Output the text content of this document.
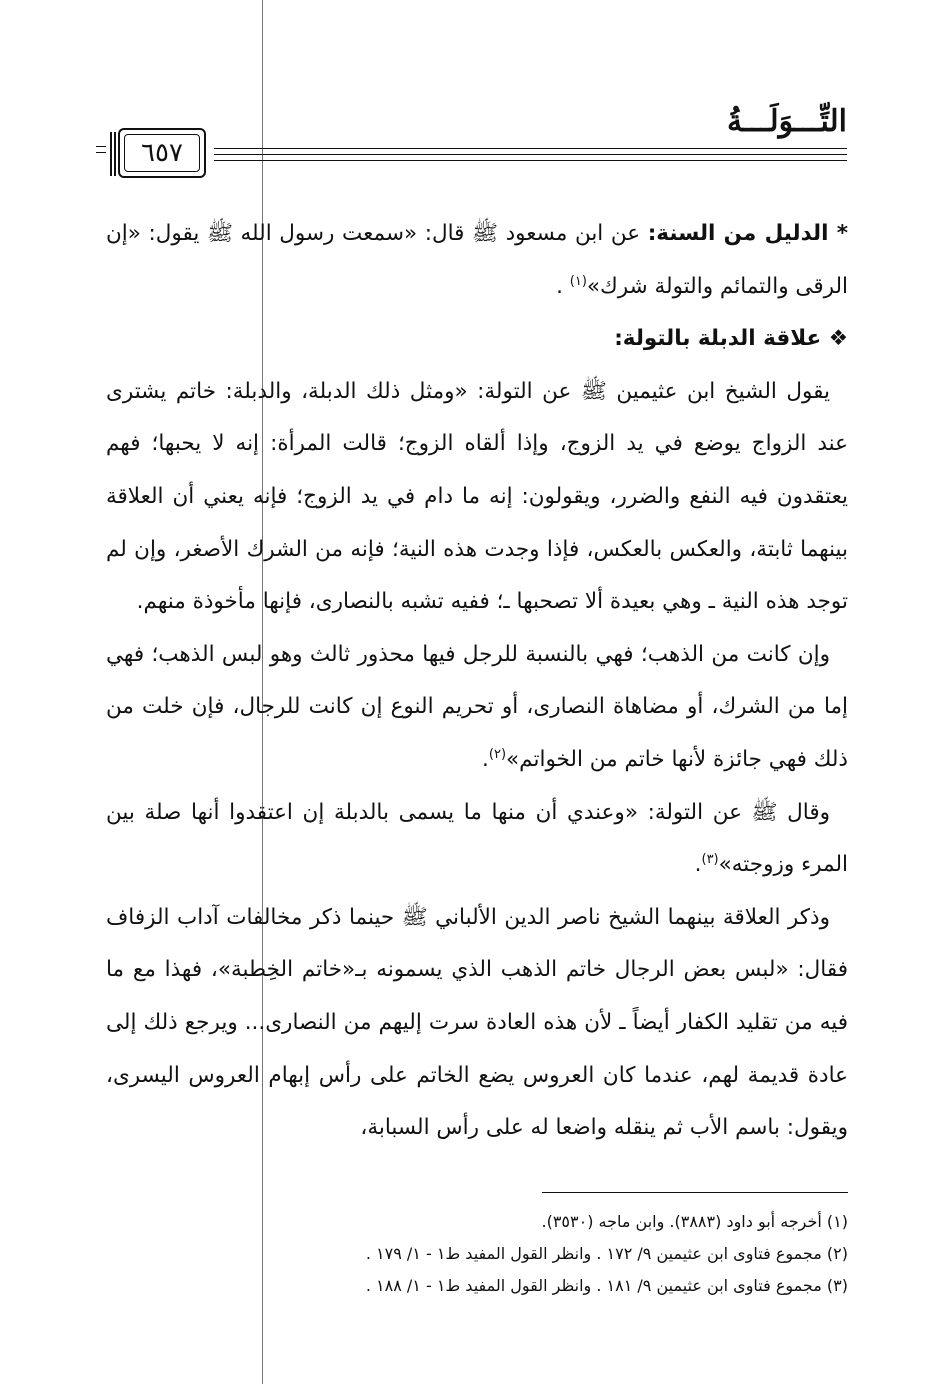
التِّـــوَلَـــةُ
٦٥٧

* الدليل من السنة: عن ابن مسعود ﷺ قال: «سمعت رسول الله ﷺ يقول: «إن الرقى والتمائم والتولة شرك»$^{(١)}$ .

❖ علاقة الدبلة بالتولة:

يقول الشيخ ابن عثيمين ﷺ عن التولة: «ومثل ذلك الدبلة، والدبلة: خاتم يشترى عند الزواج يوضع في يد الزوج، وإذا ألقاه الزوج؛ قالت المرأة: إنه لا يحبها؛ فهم يعتقدون فيه النفع والضرر، ويقولون: إنه ما دام في يد الزوج؛ فإنه يعني أن العلاقة بينهما ثابتة، والعكس بالعكس، فإذا وجدت هذه النية؛ فإنه من الشرك الأصغر، وإن لم توجد هذه النية ـ وهي بعيدة ألا تصحبها ـ؛ ففيه تشبه بالنصارى، فإنها مأخوذة منهم.

وإن كانت من الذهب؛ فهي بالنسبة للرجل فيها محذور ثالث وهو لبس الذهب؛ فهي إما من الشرك، أو مضاهاة النصارى، أو تحريم النوع إن كانت للرجال، فإن خلت من ذلك فهي جائزة لأنها خاتم من الخواتم»$^{(٢)}$.

وقال ﷺ عن التولة: «وعندي أن منها ما يسمى بالدبلة إن اعتقدوا أنها صلة بين المرء وزوجته»$^{(٣)}$.

وذكر العلاقة بينهما الشيخ ناصر الدين الألباني ﷺ حينما ذكر مخالفات آداب الزفاف فقال: «لبس بعض الرجال خاتم الذهب الذي يسمونه بـ«خاتم الخِطبة»، فهذا مع ما فيه من تقليد الكفار أيضاً ـ لأن هذه العادة سرت إليهم من النصارى... ويرجع ذلك إلى عادة قديمة لهم، عندما كان العروس يضع الخاتم على رأس إبهام العروس اليسرى، ويقول: باسم الأب ثم ينقله واضعا له على رأس السبابة،

(١) أخرجه أبو داود (٣٨٨٣). وابن ماجه (٣٥٣٠).
(٢) مجموع فتاوى ابن عثيمين ٩/ ١٧٢ . وانظر القول المفيد ط١ - ١/ ١٧٩ .
(٣) مجموع فتاوى ابن عثيمين ٩/ ١٨١ . وانظر القول المفيد ط١ - ١/ ١٨٨ .
